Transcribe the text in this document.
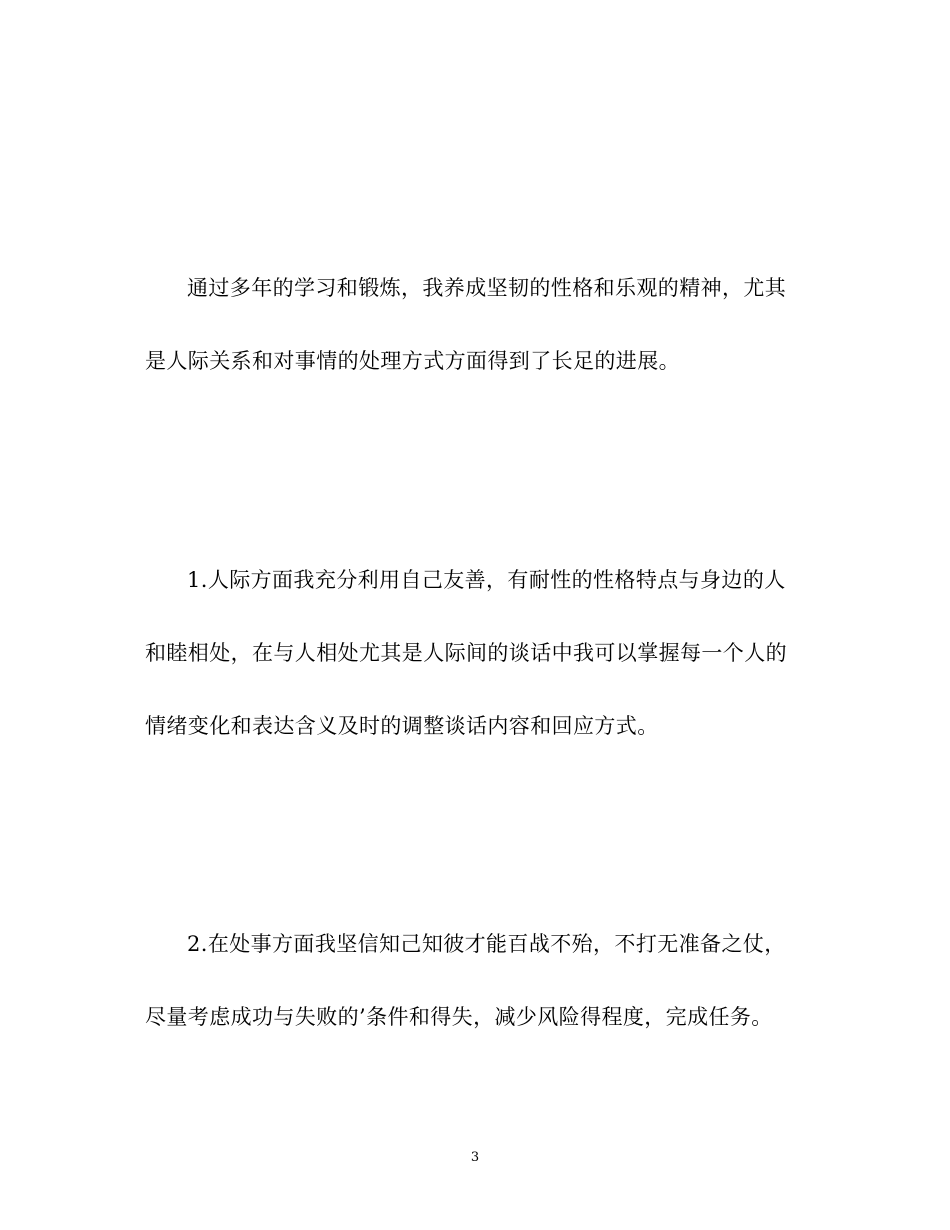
通过多年的学习和锻炼，我养成坚韧的性格和乐观的精神，尤其是人际关系和对事情的处理方式方面得到了长足的进展。

1.人际方面我充分利用自己友善，有耐性的性格特点与身边的人和睦相处，在与人相处尤其是人际间的谈话中我可以掌握每一个人的情绪变化和表达含义及时的调整谈话内容和回应方式。

2.在处事方面我坚信知己知彼才能百战不殆，不打无准备之仗，尽量考虑成功与失败的’条件和得失，减少风险得程度，完成任务。

3
